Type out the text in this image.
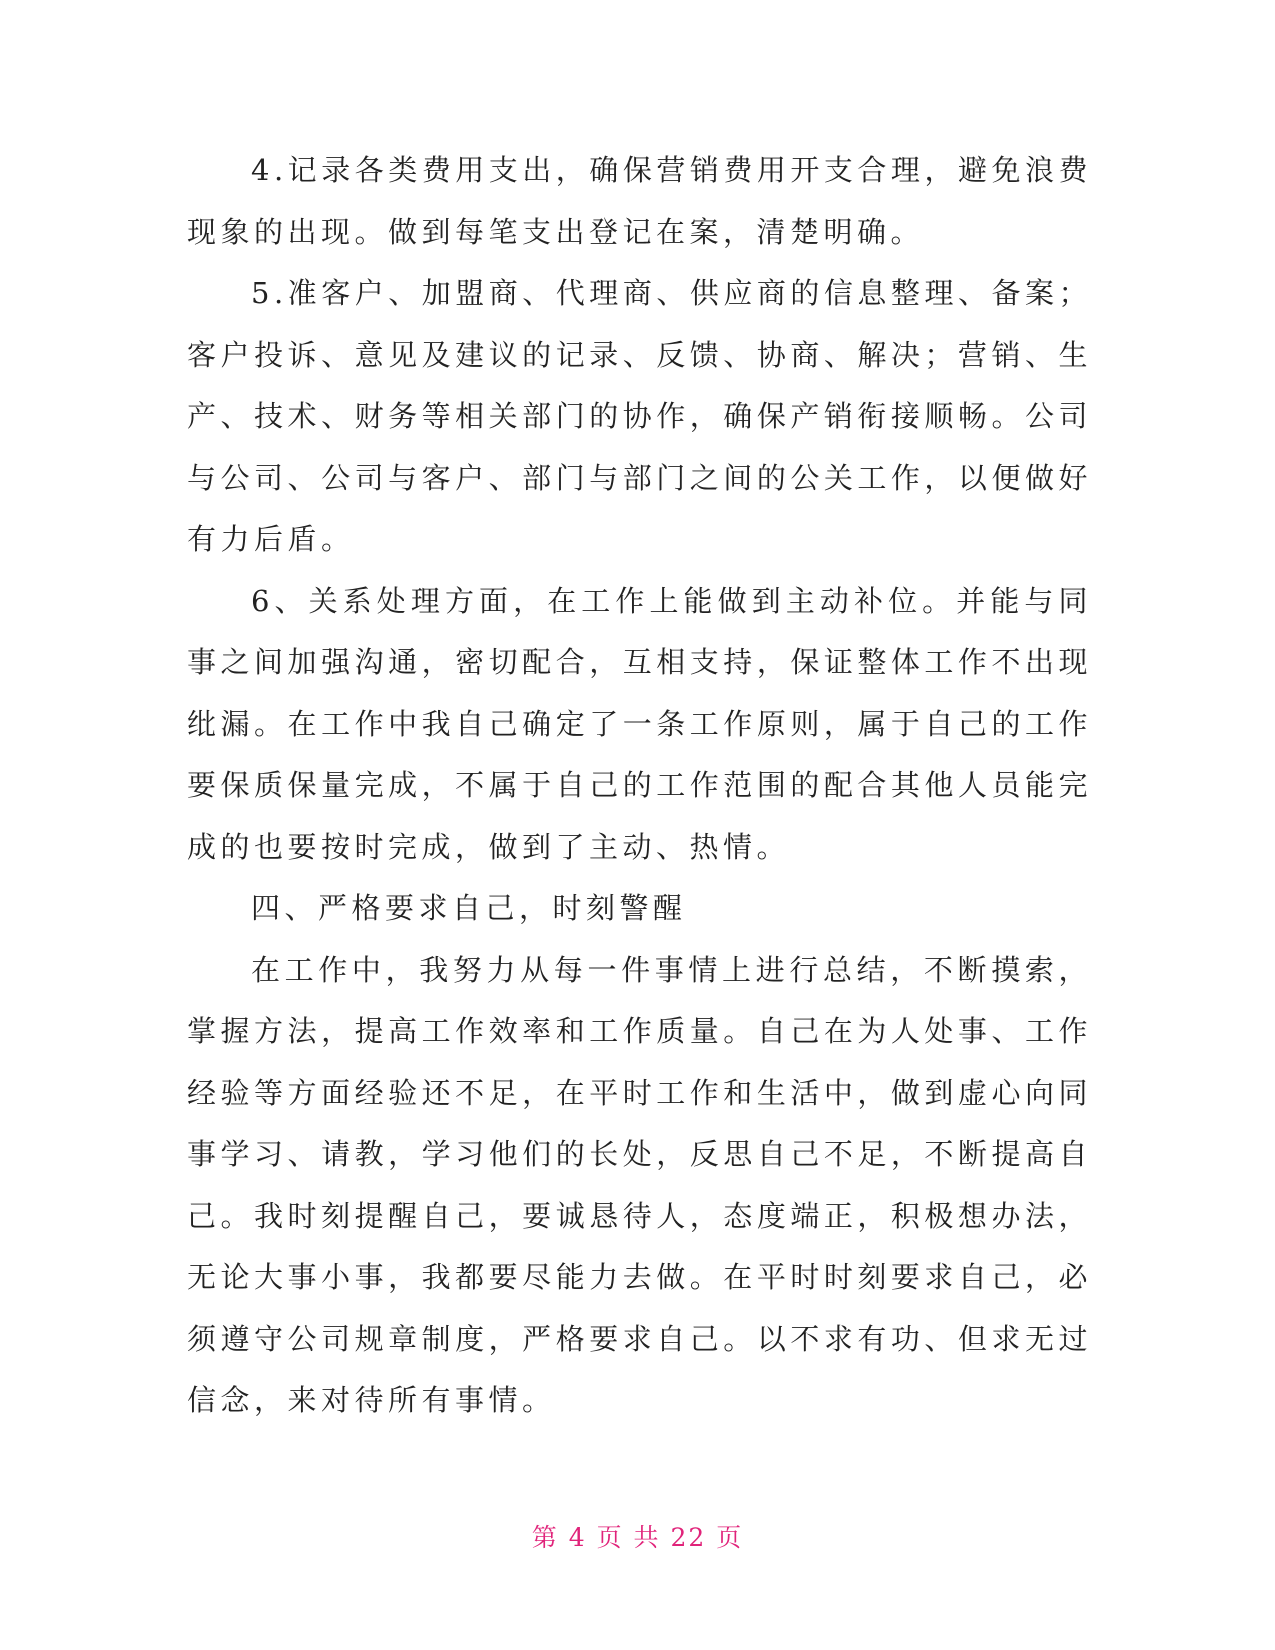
4.记录各类费用支出，确保营销费用开支合理，避免浪费现象的出现。做到每笔支出登记在案，清楚明确。

5.准客户、加盟商、代理商、供应商的信息整理、备案；客户投诉、意见及建议的记录、反馈、协商、解决；营销、生产、技术、财务等相关部门的协作，确保产销衔接顺畅。公司与公司、公司与客户、部门与部门之间的公关工作，以便做好有力后盾。

6、关系处理方面，在工作上能做到主动补位。并能与同事之间加强沟通，密切配合，互相支持，保证整体工作不出现纰漏。在工作中我自己确定了一条工作原则，属于自己的工作要保质保量完成，不属于自己的工作范围的配合其他人员能完成的也要按时完成，做到了主动、热情。

四、严格要求自己，时刻警醒

在工作中，我努力从每一件事情上进行总结，不断摸索，掌握方法，提高工作效率和工作质量。自己在为人处事、工作经验等方面经验还不足，在平时工作和生活中，做到虚心向同事学习、请教，学习他们的长处，反思自己不足，不断提高自己。我时刻提醒自己，要诚恳待人，态度端正，积极想办法，无论大事小事，我都要尽能力去做。在平时时刻要求自己，必须遵守公司规章制度，严格要求自己。以不求有功、但求无过信念，来对待所有事情。

第 4 页 共 22 页
